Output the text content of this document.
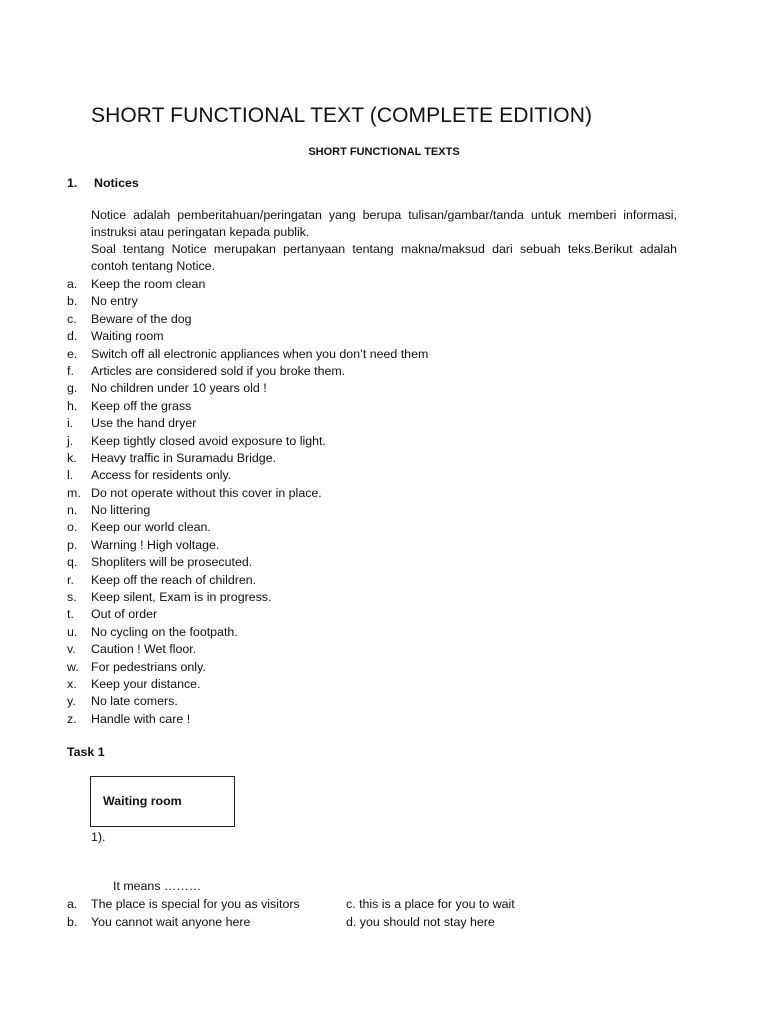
SHORT FUNCTIONAL TEXT (COMPLETE EDITION)
SHORT FUNCTIONAL TEXTS
1. Notices
Notice adalah pemberitahuan/peringatan yang berupa tulisan/gambar/tanda untuk memberi informasi, instruksi atau peringatan kepada publik.
Soal tentang Notice merupakan pertanyaan tentang makna/maksud dari sebuah teks.Berikut adalah contoh tentang Notice.
a. Keep the room clean
b. No entry
c. Beware of the dog
d. Waiting room
e. Switch off all electronic appliances when you don’t need them
f. Articles are considered sold if you broke them.
g. No children under 10 years old !
h. Keep off the grass
i. Use the hand dryer
j. Keep tightly closed avoid exposure to light.
k. Heavy traffic in Suramadu Bridge.
l. Access for residents only.
m. Do not operate without this cover in place.
n. No littering
o. Keep our world clean.
p. Warning ! High voltage.
q. Shopliters will be prosecuted.
r. Keep off the reach of children.
s. Keep silent, Exam is in progress.
t. Out of order
u. No cycling on the footpath.
v. Caution ! Wet floor.
w. For pedestrians only.
x. Keep your distance.
y. No late comers.
z. Handle with care !
Task 1
Waiting room
1).
It means ………
a. The place is special for you as visitors
b. You cannot wait anyone here
c. this is a place for you to wait
d. you should not stay here
